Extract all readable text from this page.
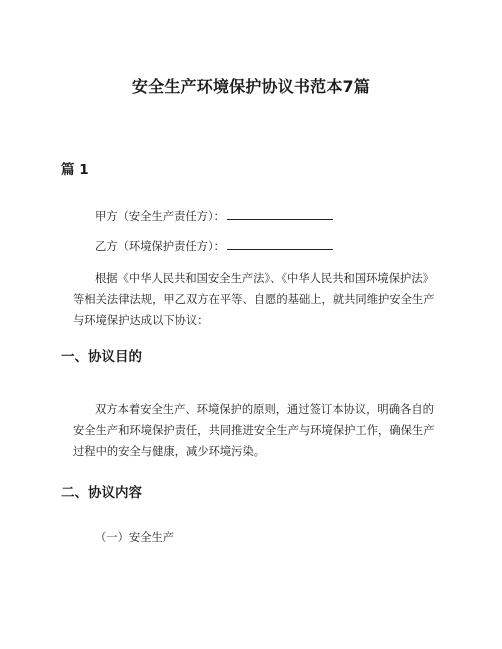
安全生产环境保护协议书范本7篇
篇 1
甲方（安全生产责任方）：
乙方（环境保护责任方）：
根据《中华人民共和国安全生产法》、《中华人民共和国环境保护法》等相关法律法规，甲乙双方在平等、自愿的基础上，就共同维护安全生产与环境保护达成以下协议：
一、协议目的
双方本着安全生产、环境保护的原则，通过签订本协议，明确各自的安全生产和环境保护责任，共同推进安全生产与环境保护工作，确保生产过程中的安全与健康，减少环境污染。
二、协议内容
（一）安全生产
